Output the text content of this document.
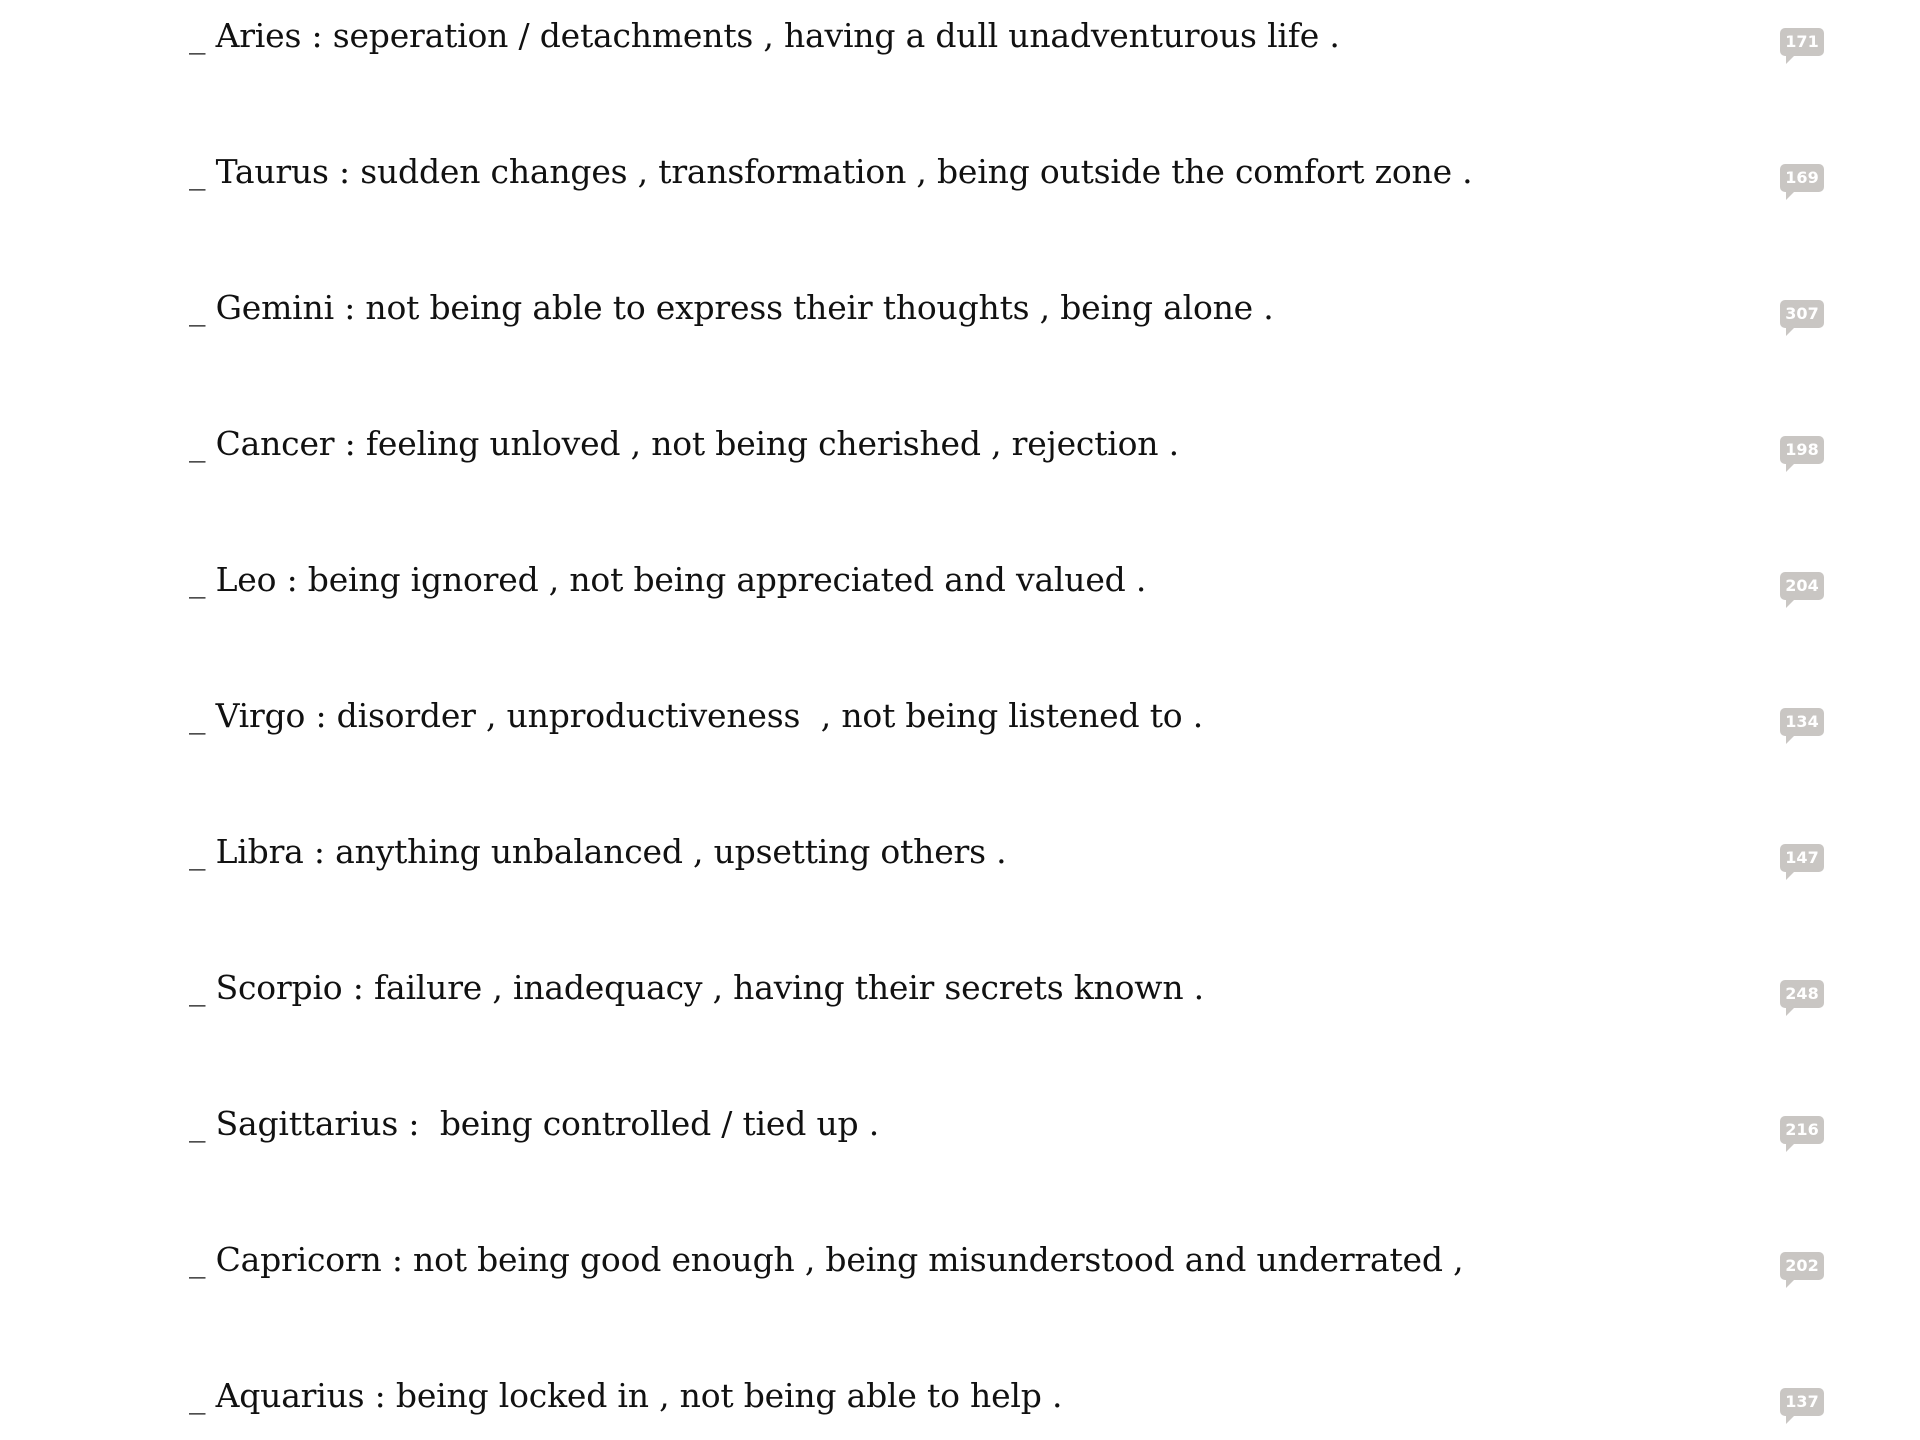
_ Aries : seperation / detachments , having a dull unadventurous life .	171
_ Taurus : sudden changes , transformation , being outside the comfort zone .	169
_ Gemini : not being able to express their thoughts , being alone .	307
_ Cancer : feeling unloved , not being cherished , rejection .	198
_ Leo : being ignored , not being appreciated and valued .	204
_ Virgo : disorder , unproductiveness  , not being listened to .	134
_ Libra : anything unbalanced , upsetting others .	147
_ Scorpio : failure , inadequacy , having their secrets known .	248
_ Sagittarius :  being controlled / tied up .	216
_ Capricorn : not being good enough , being misunderstood and underrated ,	202
_ Aquarius : being locked in , not being able to help .	137
